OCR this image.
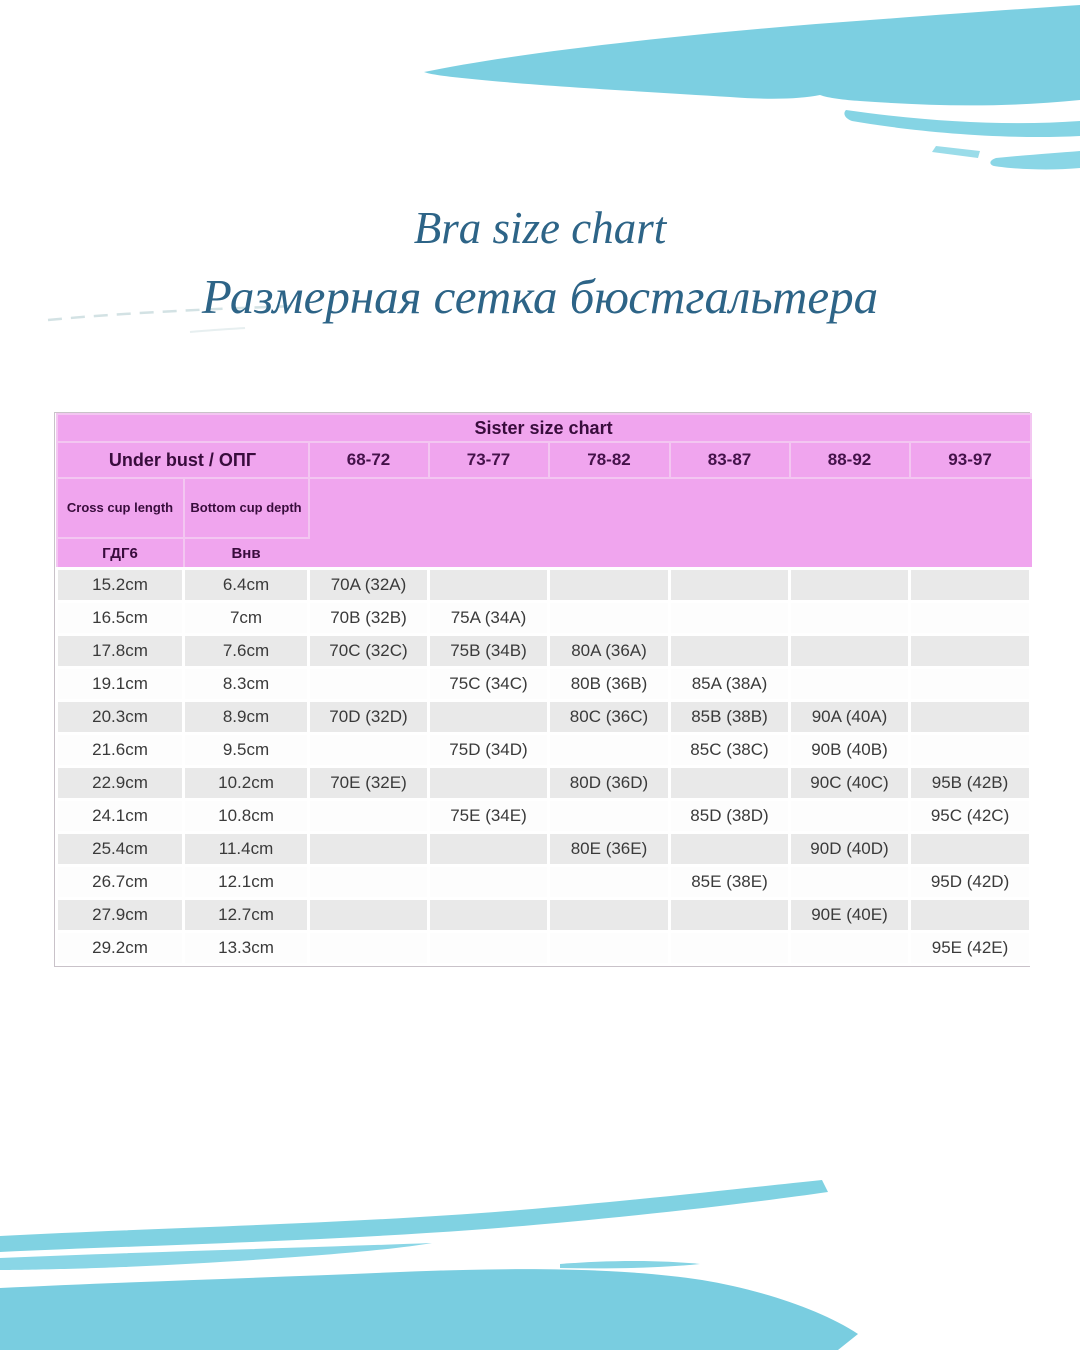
Bra size chart
Размерная сетка бюстгальтера
Sister size chart							
Under bust / ОПГ		68-72	73-77	78-82	83-87	88-92	93-97
Cross cup length	Bottom cup depth						
ГДГ6	Внв						
15.2cm	6.4cm	70A (32A)					
16.5cm	7cm	70B (32B)	75A (34A)				
17.8cm	7.6cm	70C (32C)	75B (34B)	80A (36A)			
19.1cm	8.3cm		75C (34C)	80B (36B)	85A (38A)		
20.3cm	8.9cm	70D (32D)		80C (36C)	85B (38B)	90A (40A)	
21.6cm	9.5cm		75D (34D)		85C (38C)	90B (40B)	
22.9cm	10.2cm	70E (32E)		80D (36D)		90C (40C)	95B (42B)
24.1cm	10.8cm		75E (34E)		85D (38D)		95C (42C)
25.4cm	11.4cm			80E (36E)		90D (40D)	
26.7cm	12.1cm				85E (38E)		95D (42D)
27.9cm	12.7cm					90E (40E)	
29.2cm	13.3cm						95E (42E)
